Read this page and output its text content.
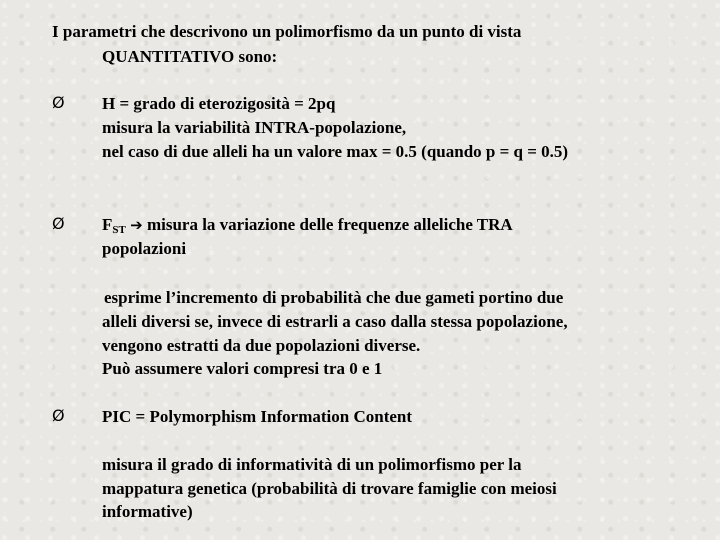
I parametri che descrivono un polimorfismo da un punto di vista
QUANTITATIVO sono:
Ø H = grado di eterozigosità = 2pq
misura la variabilità INTRA-popolazione,
nel caso di due alleli ha un valore max = 0.5 (quando p = q = 0.5)
Ø $F_{ST}$ ➔ misura la variazione delle frequenze alleliche TRA
popolazioni
esprime l’incremento di probabilità che due gameti portino due
alleli diversi se, invece di estrarli a caso dalla stessa popolazione,
vengono estratti da due popolazioni diverse.
Può assumere valori compresi tra 0 e 1
Ø PIC = Polymorphism Information Content
misura il grado di informatività di un polimorfismo per la
mappatura genetica (probabilità di trovare famiglie con meiosi
informative)
